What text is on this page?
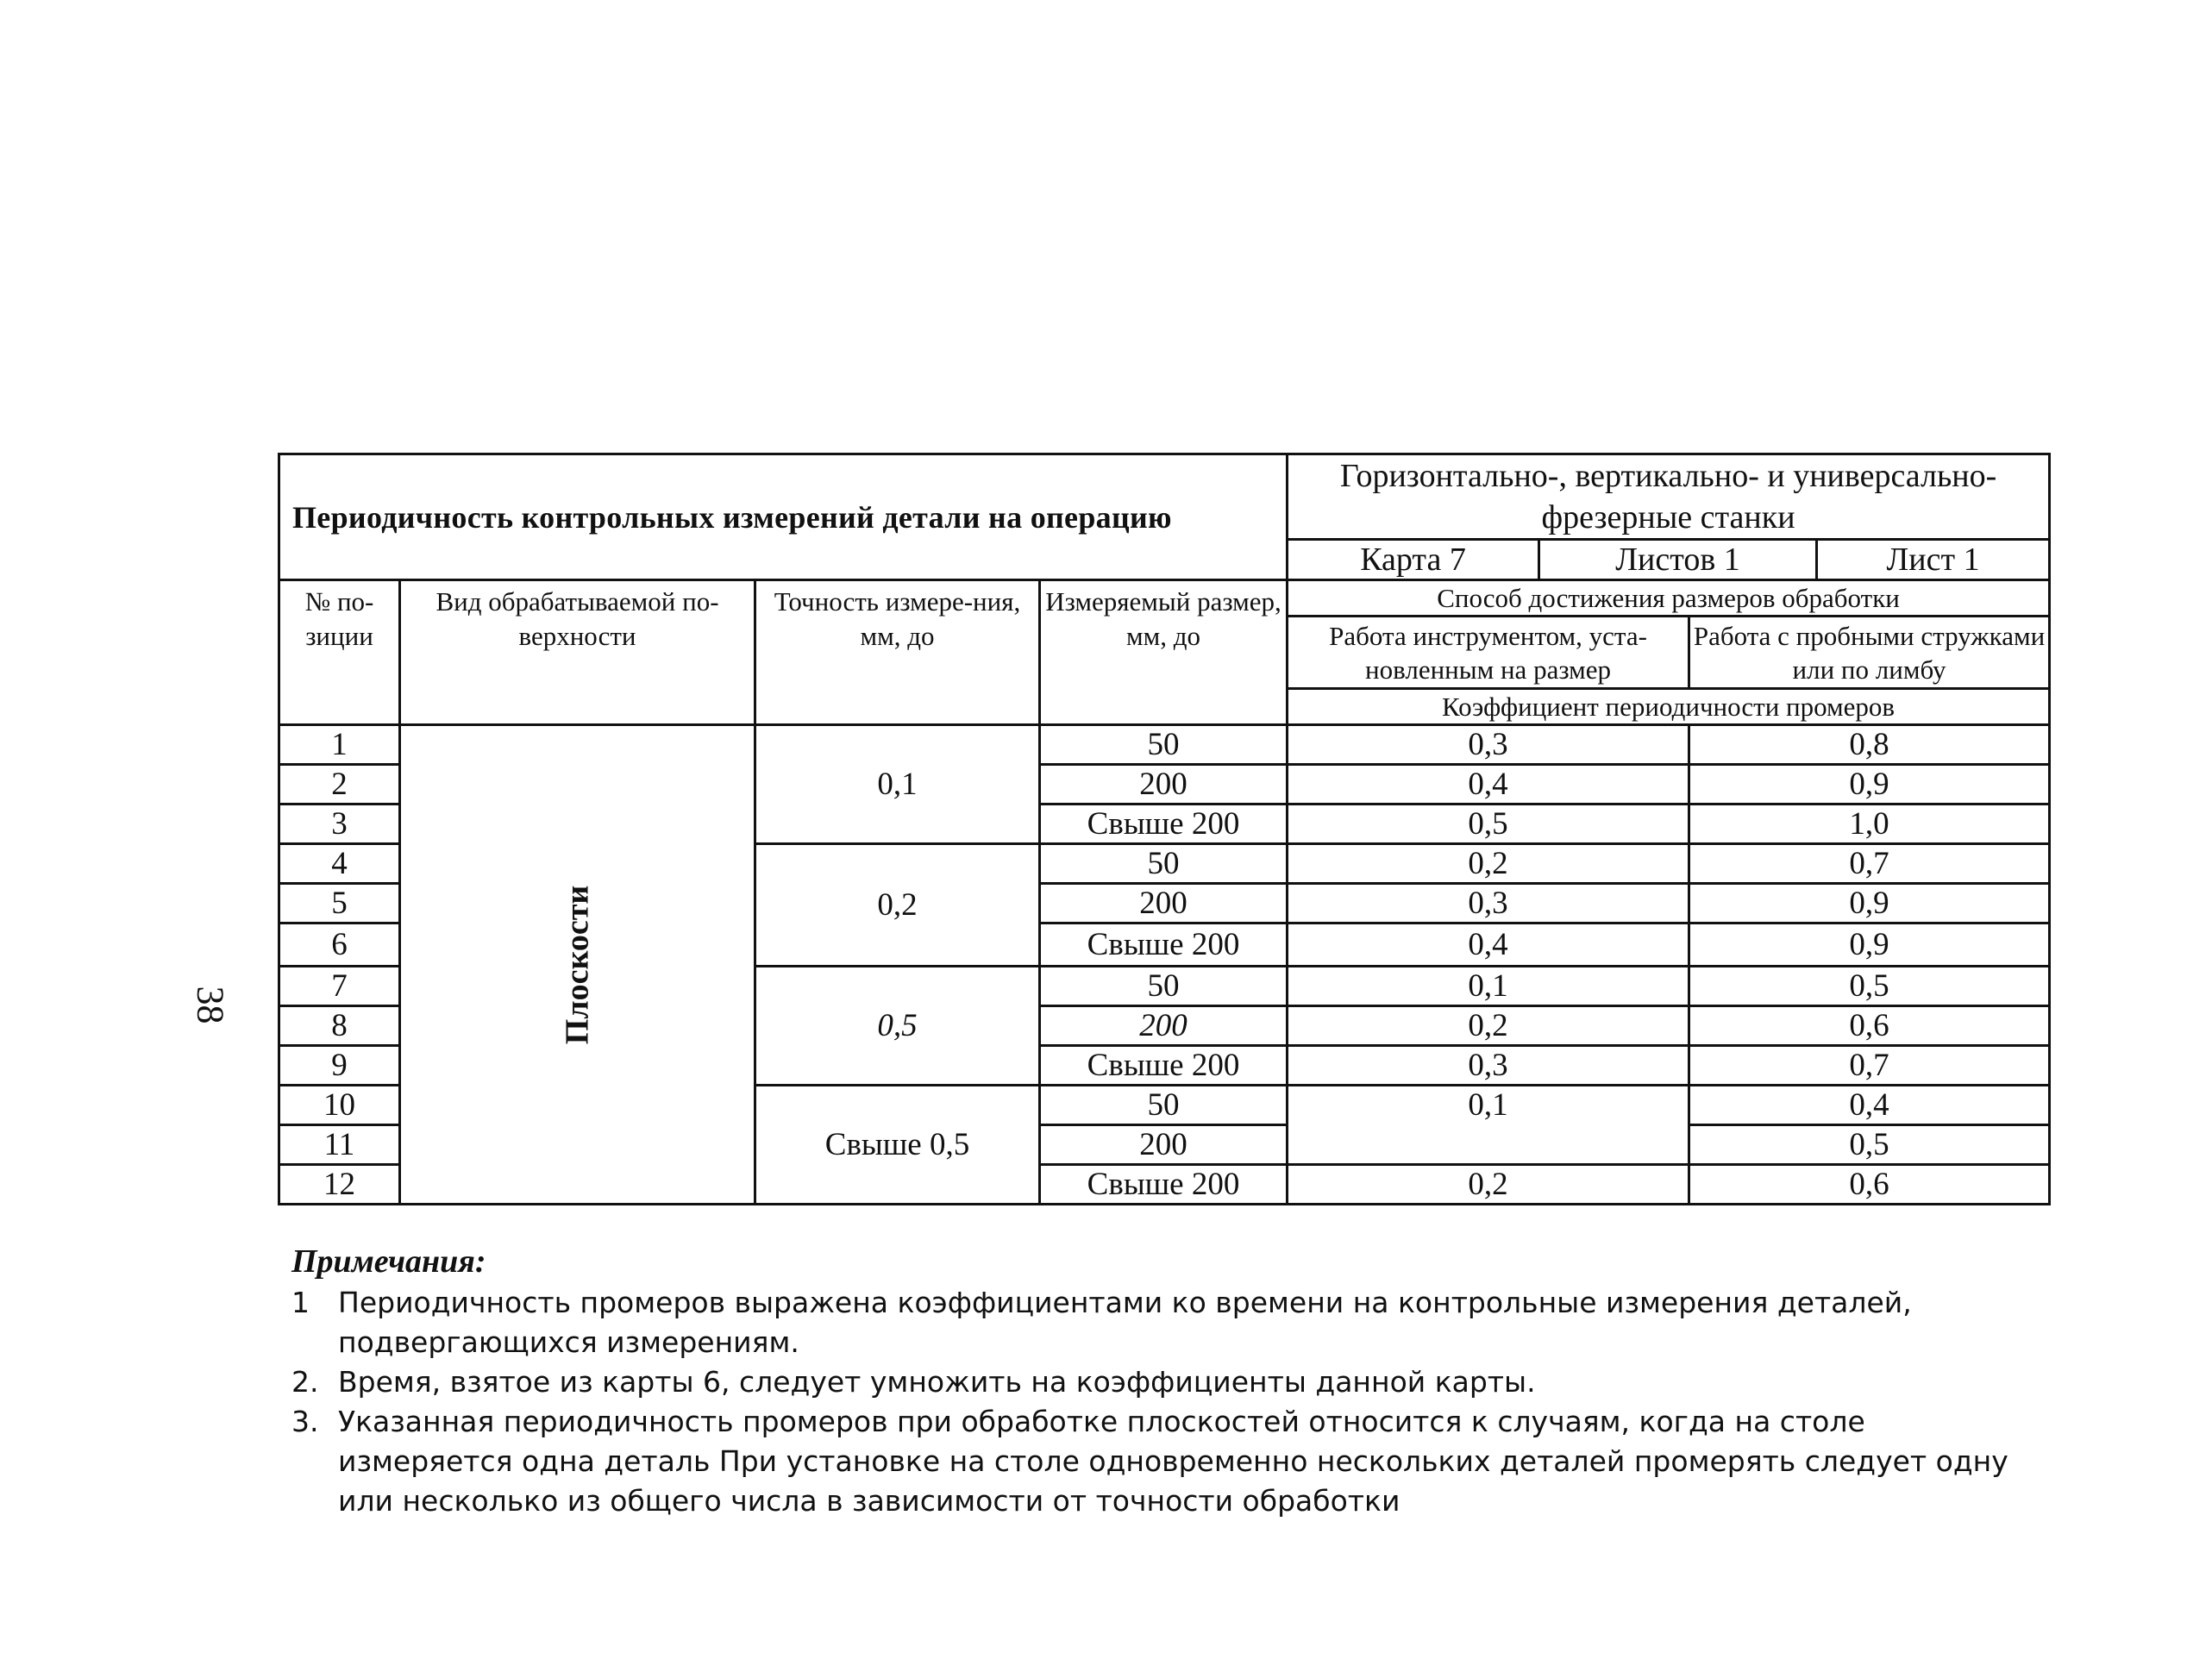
38
Периодичность контрольных измерений детали на операцию				Горизонтально-, вертикально- и универсально-фрезерные станки			
				Карта 7	Листов 1		Лист 1
№ по-зиции	Вид обрабатываемой по-верхности	Точность измере-ния, мм, до	Измеряемый размер, мм, до	Способ достижения размеров обработки			
				Работа инструментом, уста-новленным на размер		Работа с пробными стружками или по лимбу	
				Коэффициент периодичности промеров			

1	Плоскости	0,1	50	0,3		0,8	
2			200	0,4		0,9	
3			Свыше 200	0,5		1,0	
4		0,2	50	0,2		0,7	
5			200	0,3		0,9	
6			Свыше 200	0,4		0,9	
7		0,5	50	0,1		0,5	
8			200	0,2		0,6	
9			Свыше 200	0,3		0,7	
10		Свыше 0,5	50	0,1		0,4	
11			200			0,5	
12			Свыше 200	0,2		0,6	
Примечания:
1	Периодичность промеров выражена коэффициентами ко времени на контрольные измерения деталей, подвергающихся измерениям.
2. Время, взятое из карты 6, следует умножить на коэффициенты данной карты.
3. Указанная периодичность промеров при обработке плоскостей относится к случаям, когда на столе измеряется одна деталь При установке на столе одновременно нескольких деталей промерять следует одну или несколько из общего числа в зависимости от точности обработки
